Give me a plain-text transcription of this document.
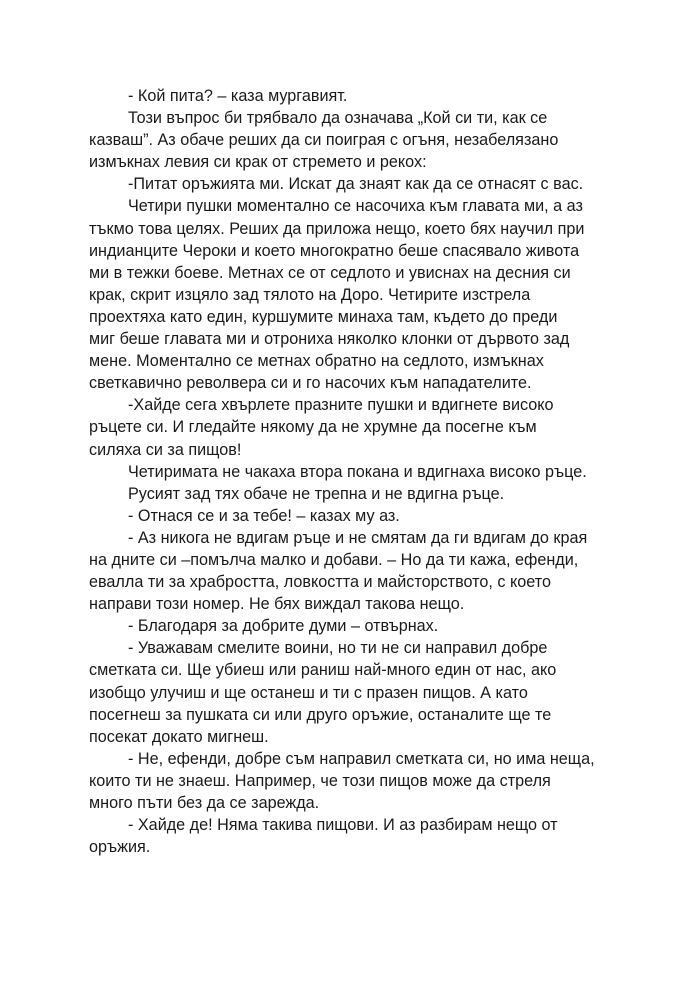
- Кой пита? – каза мургавият.
Този въпрос би трябвало да означава „Кой си ти, как се
казваш”. Аз обаче реших да си поиграя с огъня, незабелязано
измъкнах левия си крак от стремето и рекох:
-Питат оръжията ми. Искат да знаят как да се отнасят с вас.
Четири пушки моментално се насочиха към главата ми, а аз
тъкмо това целях. Реших да приложа нещо, което бях научил при
индианците Чероки и което многократно беше спасявало живота
ми в тежки боеве. Метнах се от седлото и увиснах на десния си
крак, скрит изцяло зад тялото на Доро. Четирите изстрела
проехтяха като един, куршумите минаха там, където до преди
миг беше главата ми и отрониха няколко клонки от дървото зад
мене. Моментално се метнах обратно на седлото, измъкнах
светкавично револвера си и го насочих към нападателите.
-Хайде сега хвърлете празните пушки и вдигнете високо
ръцете си. И гледайте някому да не хрумне да посегне към
силяха си за пищов!
Четиримата не чакаха втора покана и вдигнаха високо ръце.
Русият зад тях обаче не трепна и не вдигна ръце.
- Отнася се и за тебе! – казах му аз.
- Аз никога не вдигам ръце и не смятам да ги вдигам до края
на дните си –помълча малко и добави. – Но да ти кажа, ефенди,
евалла ти за храбростта, ловкостта и майсторството, с което
направи този номер. Не бях виждал такова нещо.
- Благодаря за добрите думи – отвърнах.
- Уважавам смелите воини, но ти не си направил добре
сметката си. Ще убиеш или раниш най-много един от нас, ако
изобщо улучиш и ще останеш и ти с празен пищов. А като
посегнеш за пушката си или друго оръжие, останалите ще те
посекат докато мигнеш.
- Не, ефенди, добре съм направил сметката си, но има неща,
които ти не знаеш. Например, че този пищов може да стреля
много пъти без да се зарежда.
- Хайде де! Няма такива пищови. И аз разбирам нещо от
оръжия.
